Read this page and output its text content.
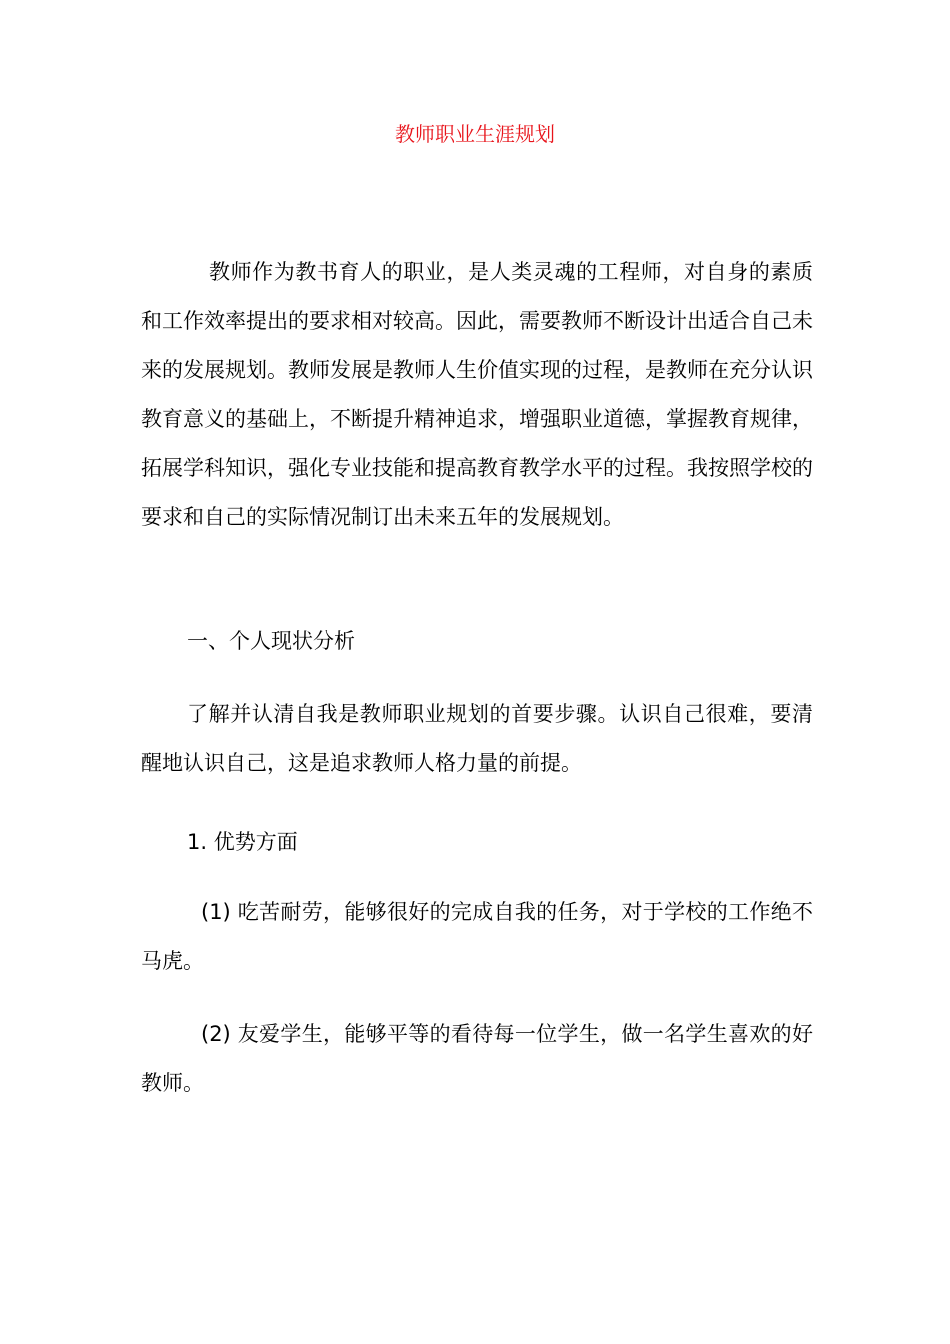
教师职业生涯规划

教师作为教书育人的职业，是人类灵魂的工程师，对自身的素质和工作效率提出的要求相对较高。因此，需要教师不断设计出适合自己未来的发展规划。教师发展是教师人生价值实现的过程，是教师在充分认识教育意义的基础上，不断提升精神追求，增强职业道德，掌握教育规律，拓展学科知识，强化专业技能和提高教育教学水平的过程。我按照学校的要求和自己的实际情况制订出未来五年的发展规划。

一、个人现状分析

了解并认清自我是教师职业规划的首要步骤。认识自己很难，要清醒地认识自己，这是追求教师人格力量的前提。

1. 优势方面

(1) 吃苦耐劳，能够很好的完成自我的任务，对于学校的工作绝不马虎。

(2) 友爱学生，能够平等的看待每一位学生，做一名学生喜欢的好教师。
